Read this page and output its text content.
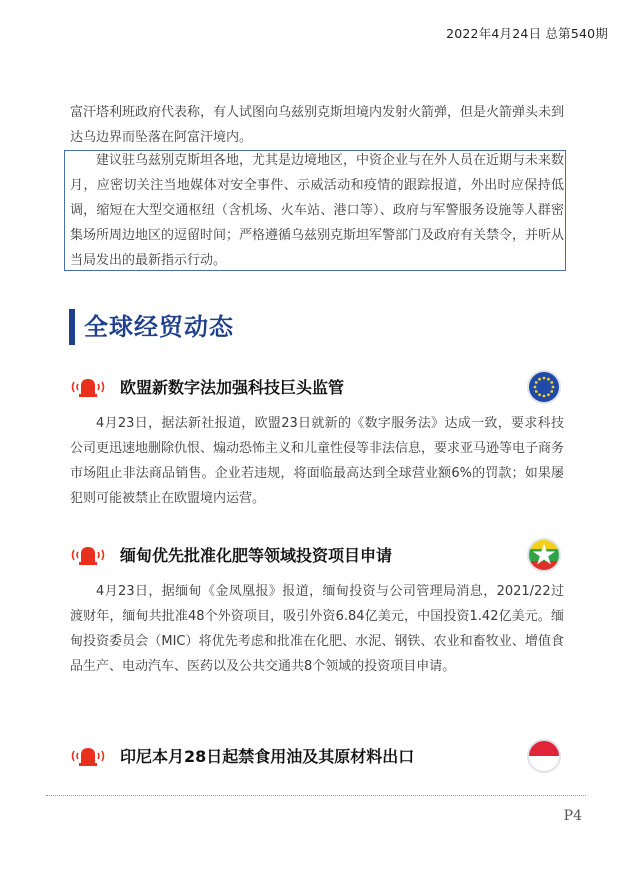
2022年4月24日 总第540期

富汗塔利班政府代表称，有人试图向乌兹别克斯坦境内发射火箭弹，但是火箭弹头未到达乌边界而坠落在阿富汗境内。

建议驻乌兹别克斯坦各地，尤其是边境地区，中资企业与在外人员在近期与未来数月，应密切关注当地媒体对安全事件、示威活动和疫情的跟踪报道，外出时应保持低调，缩短在大型交通枢纽（含机场、火车站、港口等）、政府与军警服务设施等人群密集场所周边地区的逗留时间；严格遵循乌兹别克斯坦军警部门及政府有关禁令，并听从当局发出的最新指示行动。

全球经贸动态
欧盟新数字法加强科技巨头监管

4月23日，据法新社报道，欧盟23日就新的《数字服务法》达成一致，要求科技公司更迅速地删除仇恨、煽动恐怖主义和儿童性侵等非法信息，要求亚马逊等电子商务市场阻止非法商品销售。企业若违规，将面临最高达到全球营业额6%的罚款；如果屡犯则可能被禁止在欧盟境内运营。

缅甸优先批准化肥等领域投资项目申请

4月23日，据缅甸《金凤凰报》报道，缅甸投资与公司管理局消息，2021/22过渡财年，缅甸共批准48个外资项目，吸引外资6.84亿美元，中国投资1.42亿美元。缅甸投资委员会（MIC）将优先考虑和批准在化肥、水泥、钢铁、农业和畜牧业、增值食品生产、电动汽车、医药以及公共交通共8个领域的投资项目申请。

印尼本月28日起禁食用油及其原材料出口
P4
